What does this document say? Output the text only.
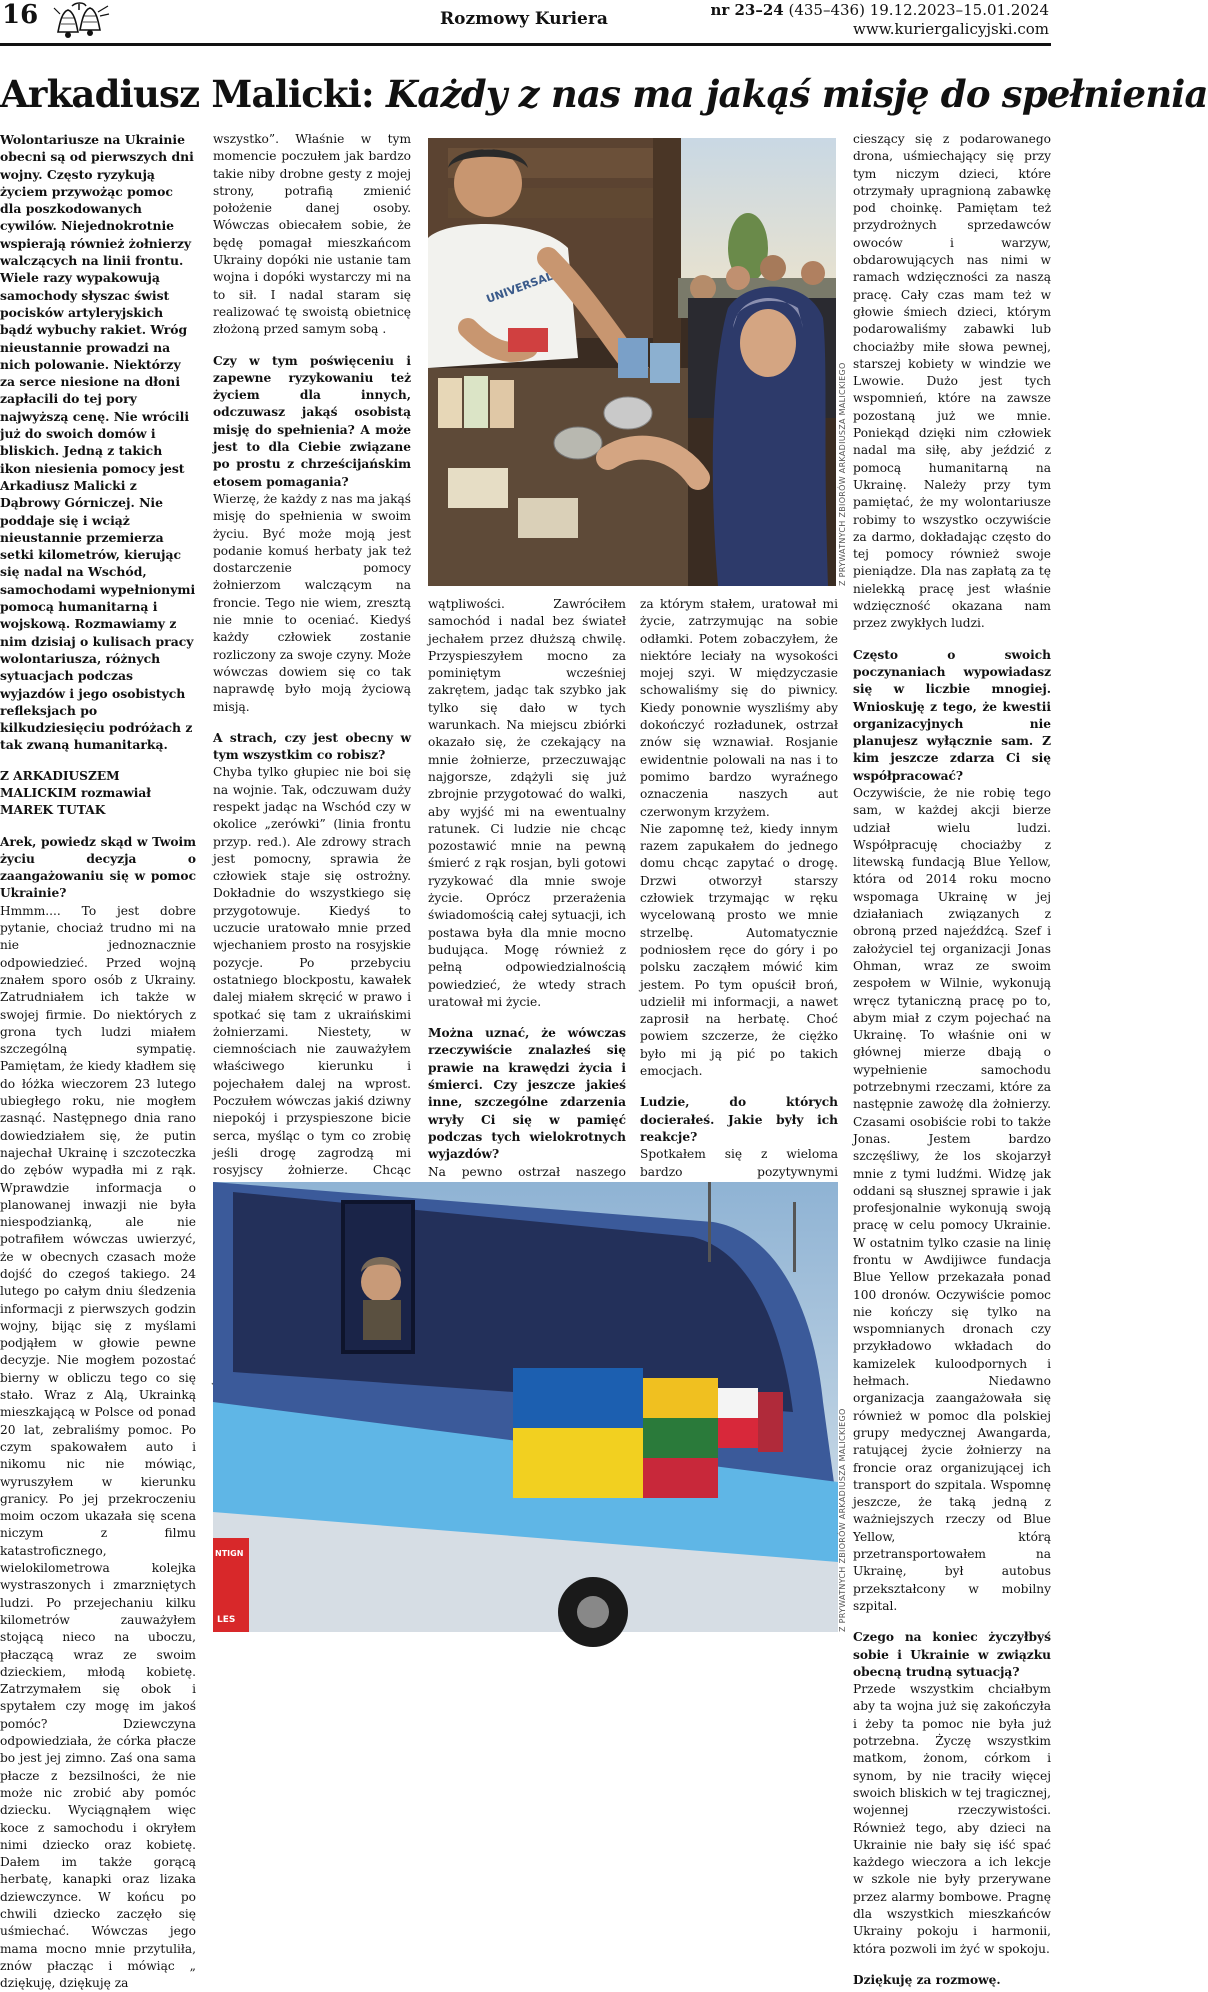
16	Rozmowy Kuriera	nr 23–24 (435–436) 19.12.2023–15.01.2024
www.kuriergalicyjski.com
Arkadiusz Malicki: Każdy z nas ma jakąś misję do spełnienia

Wolontariusze na Ukrainie obecni są od pierwszych dni wojny. Często ryzykują życiem przywożąc pomoc dla poszkodowanych cywilów. Niejednokrotnie wspierają również żołnierzy walczących na linii frontu. Wiele razy wypakowują samochody słyszac świst pocisków artyleryjskich bądź wybuchy rakiet. Wróg nieustannie prowadzi na nich polowanie. Niektórzy za serce niesione na dłoni zapłacili do tej pory najwyższą cenę. Nie wrócili już do swoich domów i bliskich. Jedną z takich ikon niesienia pomocy jest Arkadiusz Malicki z Dąbrowy Górniczej. Nie poddaje się i wciąż nieustannie przemierza setki kilometrów, kierując się nadal na Wschód, samochodami wypełnionymi pomocą humanitarną i wojskową. Rozmawiamy z nim dzisiaj o kulisach pracy wolontariusza, różnych sytuacjach podczas wyjazdów i jego osobistych refleksjach po kilkudziesięciu podróżach z tak zwaną humanitarką.

Z ARKADIUSZEM MALICKIM rozmawiał MAREK TUTAK

Arek, powiedz skąd w Twoim życiu decyzja o zaangażowaniu się w pomoc Ukrainie?

Hmmm.... To jest dobre pytanie, chociaż trudno mi na nie jednoznacznie odpowiedzieć. Przed wojną znałem sporo osób z Ukrainy. Zatrudniałem ich także w swojej firmie. Do niektórych z grona tych ludzi miałem szczególną sympatię. Pamiętam, że kiedy kładłem się do łóżka wieczorem 23 lutego ubiegłego roku, nie mogłem zasnąć. Następnego dnia rano dowiedziałem się, że putin najechał Ukrainę i szczoteczka do zębów wypadła mi z rąk. Wprawdzie informacja o planowanej inwazji nie była niespodzianką, ale nie potrafiłem wówczas uwierzyć, że w obecnych czasach może dojść do czegoś takiego. 24 lutego po całym dniu śledzenia informacji z pierwszych godzin wojny, bijąc się z myślami podjąłem w głowie pewne decyzje. Nie mogłem pozostać bierny w obliczu tego co się stało. Wraz z Alą, Ukrainką mieszkającą w Polsce od ponad 20 lat, zebraliśmy pomoc. Po czym spakowałem auto i nikomu nic nie mówiąc, wyruszyłem w kierunku granicy. Po jej przekroczeniu moim oczom ukazała się scena niczym z filmu katastroficznego, wielokilometrowa kolejka wystraszonych i zmarzniętych ludzi. Po przejechaniu kilku kilometrów zauważyłem stojącą nieco na uboczu, płaczącą wraz ze swoim dzieckiem, młodą kobietę. Zatrzymałem się obok i spytałem czy mogę im jakoś pomóc? Dziewczyna odpowiedziała, że córka płacze bo jest jej zimno. Zaś ona sama płacze z bezsilności, że nie może nic zrobić aby pomóc dziecku. Wyciągnąłem więc koce z samochodu i okryłem nimi dziecko oraz kobietę. Dałem im także gorącą herbatę, kanapki oraz lizaka dziewczynce. W końcu po chwili dziecko zaczęło się uśmiechać. Wówczas jego mama mocno mnie przytuliła, znów płacząc i mówiąc „ dziękuję, dziękuję za

wszystko”. Właśnie w tym momencie poczułem jak bardzo takie niby drobne gesty z mojej strony, potrafią zmienić położenie danej osoby. Wówczas obiecałem sobie, że będę pomagał mieszkańcom Ukrainy dopóki nie ustanie tam wojna i dopóki wystarczy mi na to sił. I nadal staram się realizować tę swoistą obietnicę złożoną przed samym sobą .

Czy w tym poświęceniu i zapewne ryzykowaniu też życiem dla innych, odczuwasz jakąś osobistą misję do spełnienia? A może jest to dla Ciebie związane po prostu z chrześcijańskim etosem pomagania?

Wierzę, że każdy z nas ma jakąś misję do spełnienia w swoim życiu. Być może moją jest podanie komuś herbaty jak też dostarczenie pomocy żołnierzom walczącym na froncie. Tego nie wiem, zresztą nie mnie to oceniać. Kiedyś każdy człowiek zostanie rozliczony za swoje czyny. Może wówczas dowiem się co tak naprawdę było moją życiową misją.

A strach, czy jest obecny w tym wszystkim co robisz?

Chyba tylko głupiec nie boi się na wojnie. Tak, odczuwam duży respekt jadąc na Wschód czy w okolice „zerówki” (linia frontu przyp. red.). Ale zdrowy strach jest pomocny, sprawia że człowiek staje się ostrożny. Dokładnie do wszystkiego się przygotowuje. Kiedyś to uczucie uratowało mnie przed wjechaniem prosto na rosyjskie pozycje. Po przebyciu ostatniego blockpostu, kawałek dalej miałem skręcić w prawo i spotkać się tam z ukraińskimi żołnierzami. Niestety, w ciemnościach nie zauważyłem właściwego kierunku i pojechałem dalej na wprost. Poczułem wówczas jakiś dziwny niepokój i przyspieszone bicie serca, myśląc o tym co zrobię jeśli drogę zagrodzą mi rosyjscy żołnierze. Chcąc

UNIVERSAL
Z PRYWATNYCH ZBIORÓW ARKADIUSZA MALICKIEGO

wątpliwości. Zawróciłem samochód i nadal bez świateł jechałem przez dłuższą chwilę. Przyspieszyłem mocno za pominiętym wcześniej zakrętem, jadąc tak szybko jak tylko się dało w tych warunkach. Na miejscu zbiórki okazało się, że czekający na mnie żołnierze, przeczuwając najgorsze, zdążyli się już zbrojnie przygotować do walki, aby wyjść mi na ewentualny ratunek. Ci ludzie nie chcąc pozostawić mnie na pewną śmierć z rąk rosjan, byli gotowi ryzykować dla mnie swoje życie. Oprócz przerażenia świadomością całej sytuacji, ich postawa była dla mnie mocno budująca. Mogę również z pełną odpowiedzialnością powiedzieć, że wtedy strach uratował mi życie.

Można uznać, że wówczas rzeczywiście znalazłeś się prawie na krawędzi życia i śmierci. Czy jeszcze jakieś inne, szczególne zdarzenia wryły Ci się w pamięć podczas tych wielokrotnych wyjazdów?

Na pewno ostrzał naszego

za którym stałem, uratował mi życie, zatrzymując na sobie odłamki. Potem zobaczyłem, że niektóre leciały na wysokości mojej szyi. W międzyczasie schowaliśmy się do piwnicy. Kiedy ponownie wyszliśmy aby dokończyć rozładunek, ostrzał znów się wznawiał. Rosjanie ewidentnie polowali na nas i to pomimo bardzo wyraźnego oznaczenia naszych aut czerwonym krzyżem.

Nie zapomnę też, kiedy innym razem zapukałem do jednego domu chcąc zapytać o drogę. Drzwi otworzył starszy człowiek trzymając w ręku wycelowaną prosto we mnie strzelbę. Automatycznie podniosłem ręce do góry i po polsku zacząłem mówić kim jestem. Po tym opuścił broń, udzielił mi informacji, a nawet zaprosił na herbatę. Choć powiem szczerze, że ciężko było mi ją pić po takich emocjach.

Ludzie, do których docierałeś. Jakie były ich reakcje?

Spotkałem się z wieloma bardzo pozytywnymi

NTIGN
LES	Z PRYWATNYCH ZBIORÓW ARKADIUSZA MALICKIEGO

cieszący się z podarowanego drona, uśmiechający się przy tym niczym dzieci, które otrzymały upragnioną zabawkę pod choinkę. Pamiętam też przydrożnych sprzedawców owoców i warzyw, obdarowujących nas nimi w ramach wdzięczności za naszą pracę. Cały czas mam też w głowie śmiech dzieci, którym podarowaliśmy zabawki lub chociażby miłe słowa pewnej, starszej kobiety w windzie we Lwowie. Dużo jest tych wspomnień, które na zawsze pozostaną już we mnie. Poniekąd dzięki nim człowiek nadal ma siłę, aby jeździć z pomocą humanitarną na Ukrainę. Należy przy tym pamiętać, że my wolontariusze robimy to wszystko oczywiście za darmo, dokładając często do tej pomocy również swoje pieniądze. Dla nas zapłatą za tę nielekką pracę jest właśnie wdzięczność okazana nam przez zwykłych ludzi.

Często o swoich poczynaniach wypowiadasz się w liczbie mnogiej. Wnioskuję z tego, że kwestii organizacyjnych nie planujesz wyłącznie sam. Z kim jeszcze zdarza Ci się współpracować?

Oczywiście, że nie robię tego sam, w każdej akcji bierze udział wielu ludzi. Współpracuję chociażby z litewską fundacją Blue Yellow, która od 2014 roku mocno wspomaga Ukrainę w jej działaniach związanych z obroną przed najeźdźcą. Szef i założyciel tej organizacji Jonas Ohman, wraz ze swoim zespołem w Wilnie, wykonują wręcz tytaniczną pracę po to, abym miał z czym pojechać na Ukrainę. To właśnie oni w głównej mierze dbają o wypełnienie samochodu potrzebnymi rzeczami, które za następnie zawożę dla żołnierzy. Czasami osobiście robi to także Jonas. Jestem bardzo szczęśliwy, że los skojarzył mnie z tymi ludźmi. Widzę jak oddani są słusznej sprawie i jak profesjonalnie wykonują swoją pracę w celu pomocy Ukrainie. W ostatnim tylko czasie na linię frontu w Awdijiwce fundacja Blue Yellow przekazała ponad 100 dronów. Oczywiście pomoc nie kończy się tylko na wspomnianych dronach czy przykładowo wkładach do kamizelek kuloodpornych i hełmach. Niedawno organizacja zaangażowała się również w pomoc dla polskiej grupy medycznej Awangarda, ratującej życie żołnierzy na froncie oraz organizującej ich transport do szpitala. Wspomnę jeszcze, że taką jedną z ważniejszych rzeczy od Blue Yellow, którą przetransportowałem na Ukrainę, był autobus przekształcony w mobilny szpital.

Czego na koniec życzyłbyś sobie i Ukrainie w związku obecną trudną sytuacją?

Przede wszystkim chciałbym aby ta wojna już się zakończyła i żeby ta pomoc nie była już potrzebna. Życzę wszystkim matkom, żonom, córkom i synom, by nie traciły więcej swoich bliskich w tej tragicznej, wojennej rzeczywistości. Również tego, aby dzieci na Ukrainie nie bały się iść spać każdego wieczora a ich lekcje w szkole nie były przerywane przez alarmy bombowe. Pragnę dla wszystkich mieszkańców Ukrainy pokoju i harmonii, która pozwoli im żyć w spokoju.

Dziękuję za rozmowę.
